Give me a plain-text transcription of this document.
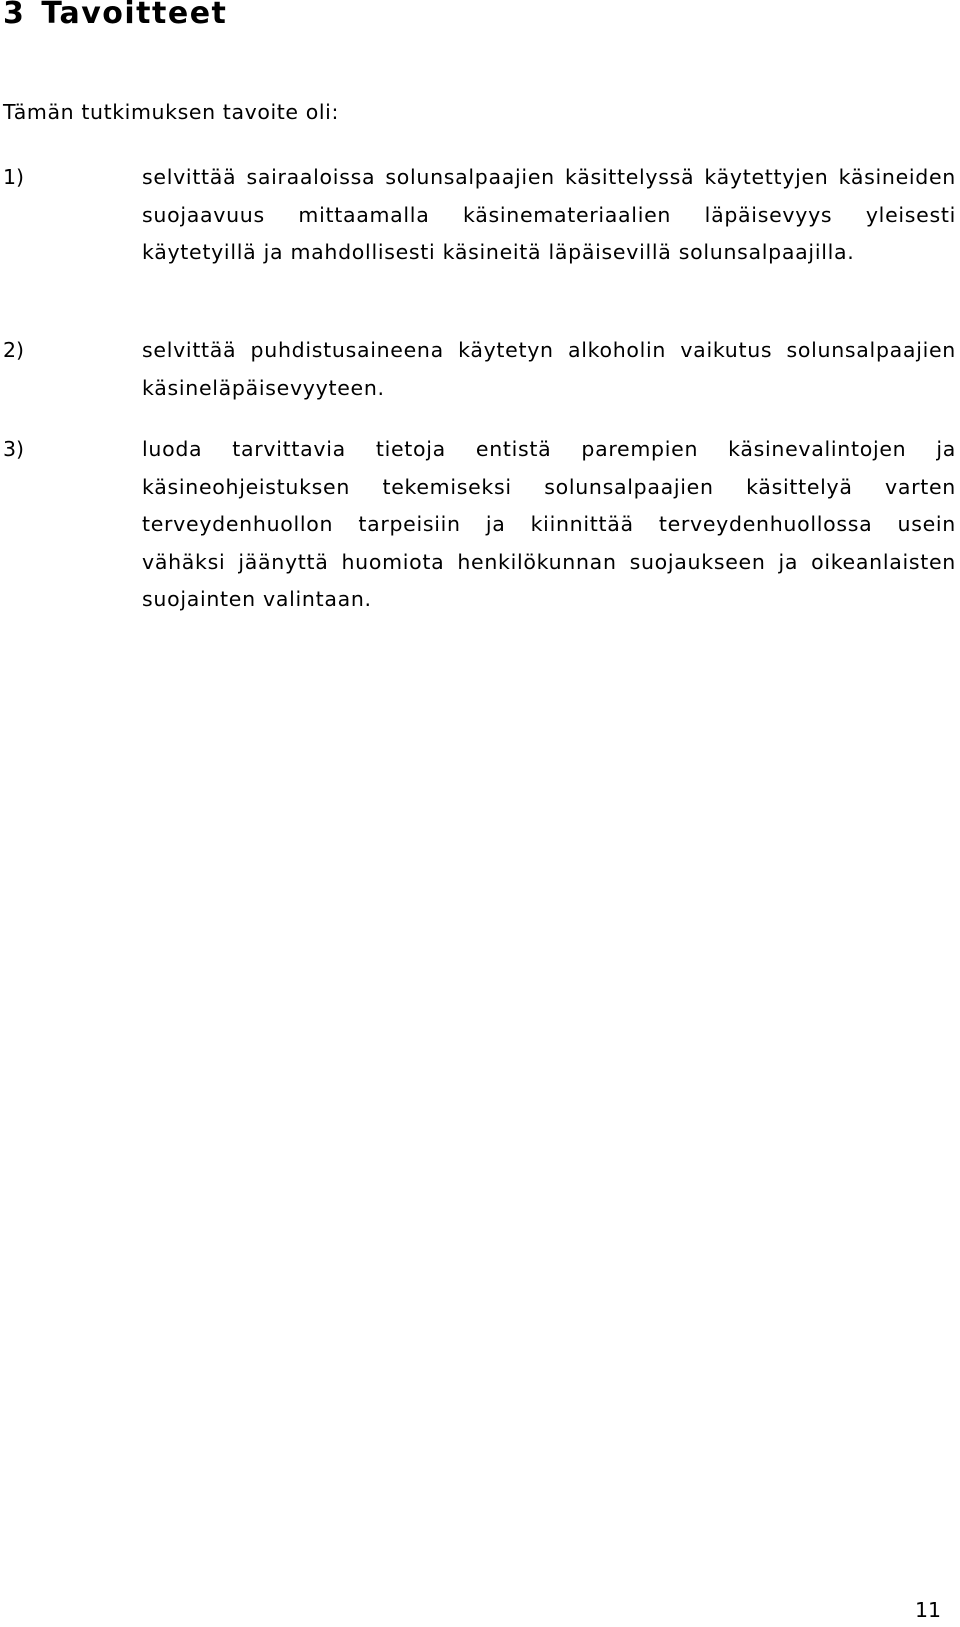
3 Tavoitteet

Tämän tutkimuksen tavoite oli:

1)	selvittää sairaaloissa solunsalpaajien käsittelyssä käytettyjen käsineiden suojaavuus mittaamalla käsinemateriaalien läpäisevyys yleisesti käytetyillä ja mahdollisesti käsineitä läpäisevillä solunsalpaajilla.

2)	selvittää puhdistusaineena käytetyn alkoholin vaikutus solunsalpaajien käsineläpäisevyyteen.

3)	luoda tarvittavia tietoja entistä parempien käsinevalintojen ja käsineohjeistuksen tekemiseksi solunsalpaajien käsittelyä varten terveydenhuollon tarpeisiin ja kiinnittää terveydenhuollossa usein vähäksi jäänyttä huomiota henkilökunnan suojaukseen ja oikeanlaisten suojainten valintaan.

11
